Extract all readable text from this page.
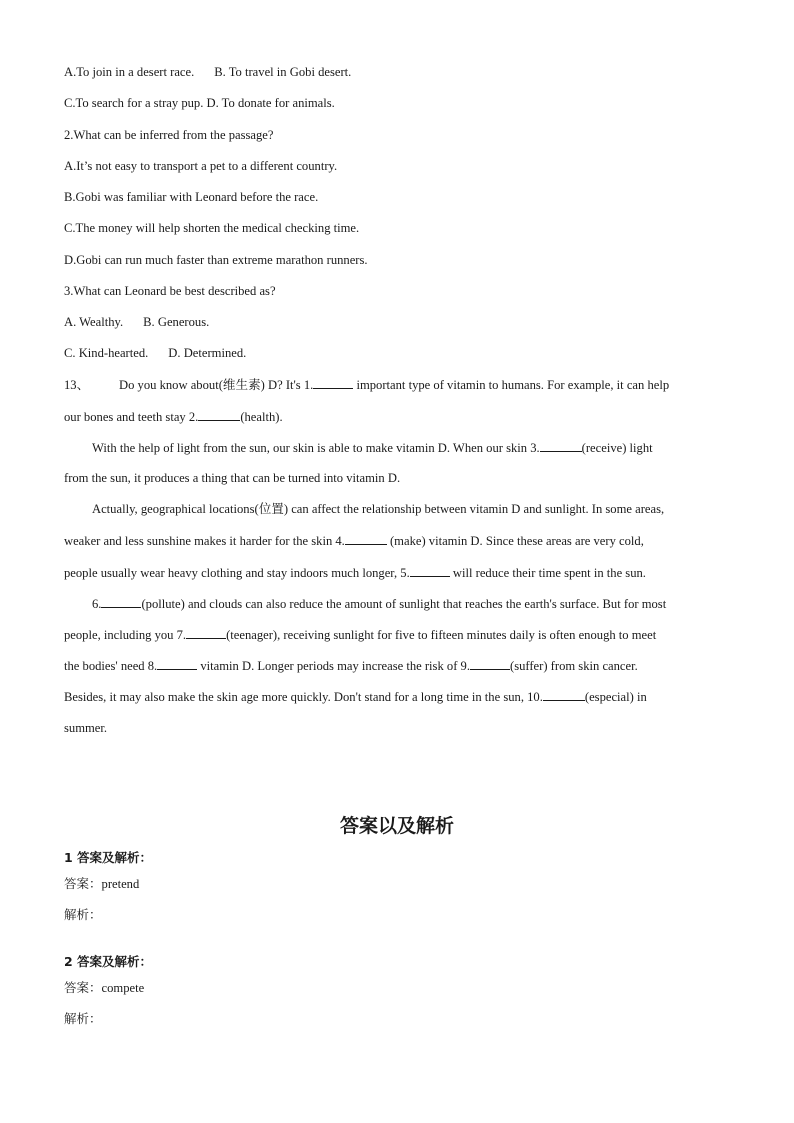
A.To join in a desert race. B. To travel in Gobi desert.
C.To search for a stray pup. D. To donate for animals.
2.What can be inferred from the passage?
A.It’s not easy to transport a pet to a different country.
B.Gobi was familiar with Leonard before the race.
C.The money will help shorten the medical checking time.
D.Gobi can run much faster than extreme marathon runners.
3.What can Leonard be best described as?
A. Wealthy. B. Generous.
C. Kind-hearted. D. Determined.
13、 Do you know about(维生素) D? It's 1.	important type of vitamin to humans. For example, it can help
our bones and teeth stay 2.	(health).
With the help of light from the sun, our skin is able to make vitamin D. When our skin 3.	(receive) light
from the sun, it produces a thing that can be turned into vitamin D.
Actually, geographical locations(位置) can affect the relationship between vitamin D and sunlight. In some areas,
weaker and less sunshine makes it harder for the skin 4.	(make) vitamin D. Since these areas are very cold,
people usually wear heavy clothing and stay indoors much longer, 5.	will reduce their time spent in the sun.
6.	(pollute) and clouds can also reduce the amount of sunlight that reaches the earth's surface. But for most
people, including you 7.	(teenager), receiving sunlight for five to fifteen minutes daily is often enough to meet
the bodies' need 8.	vitamin D. Longer periods may increase the risk of 9.	(suffer) from skin cancer.
Besides, it may also make the skin age more quickly. Don't stand for a long time in the sun, 10.	(especial) in
summer.
答案以及解析
1 答案及解析：
答案：pretend
解析：
2 答案及解析：
答案：compete
解析：
